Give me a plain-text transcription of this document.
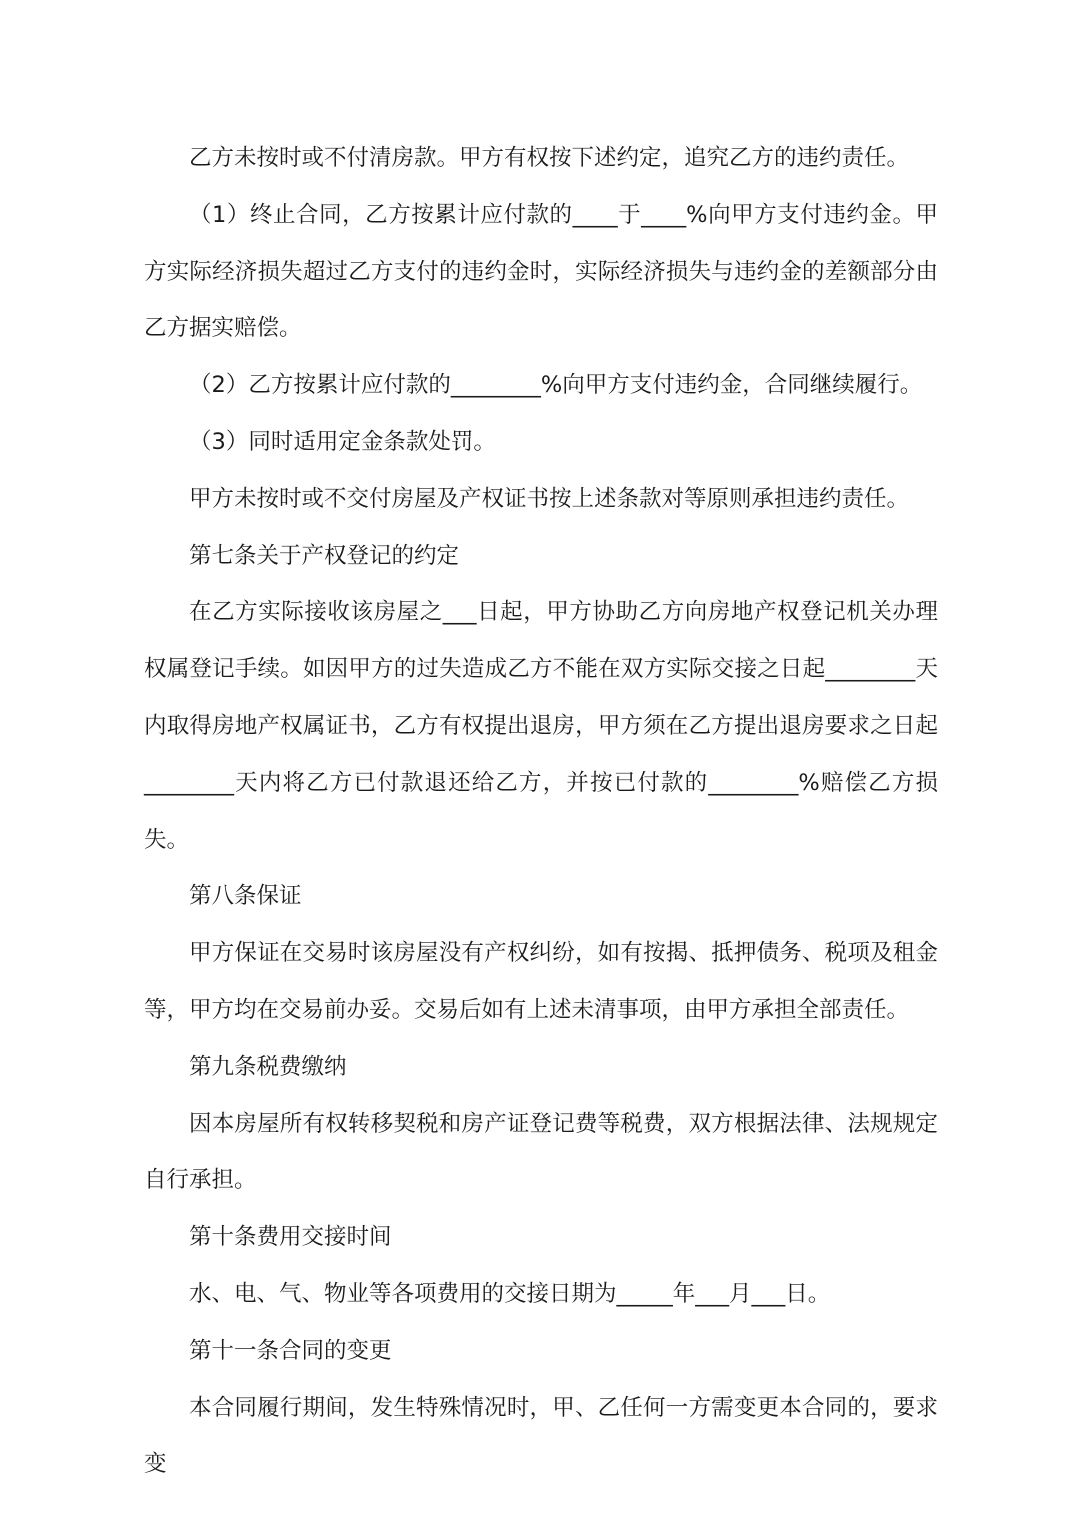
乙方未按时或不付清房款。甲方有权按下述约定，追究乙方的违约责任。

（1）终止合同，乙方按累计应付款的____于____%向甲方支付违约金。甲方实际经济损失超过乙方支付的违约金时，实际经济损失与违约金的差额部分由乙方据实赔偿。

（2）乙方按累计应付款的________%向甲方支付违约金，合同继续履行。

（3）同时适用定金条款处罚。

甲方未按时或不交付房屋及产权证书按上述条款对等原则承担违约责任。

第七条关于产权登记的约定

在乙方实际接收该房屋之___日起，甲方协助乙方向房地产权登记机关办理权属登记手续。如因甲方的过失造成乙方不能在双方实际交接之日起________天内取得房地产权属证书，乙方有权提出退房，甲方须在乙方提出退房要求之日起________天内将乙方已付款退还给乙方，并按已付款的________%赔偿乙方损失。

第八条保证

甲方保证在交易时该房屋没有产权纠纷，如有按揭、抵押债务、税项及租金等，甲方均在交易前办妥。交易后如有上述未清事项，由甲方承担全部责任。

第九条税费缴纳

因本房屋所有权转移契税和房产证登记费等税费，双方根据法律、法规规定自行承担。

第十条费用交接时间

水、电、气、物业等各项费用的交接日期为_____年___月___日。

第十一条合同的变更

本合同履行期间，发生特殊情况时，甲、乙任何一方需变更本合同的，要求变
